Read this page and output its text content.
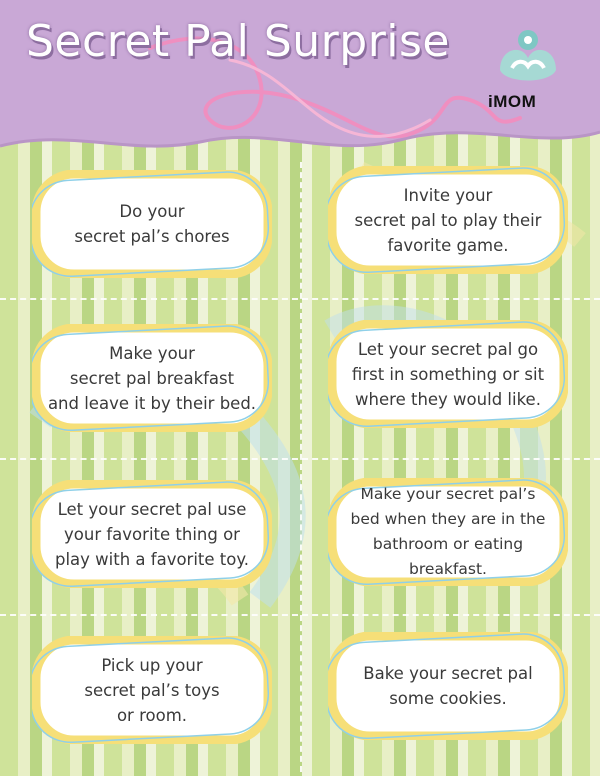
Secret Pal Surprise
iMOM
Do your
secret pal’s chores
Invite your
secret pal to play their
favorite game.
Make your
secret pal breakfast
and leave it by their bed.
Let your secret pal go
first in something or sit
where they would like.
Let your secret pal use
your favorite thing or
play with a favorite toy.
Make your secret pal’s
bed when they are in the
bathroom or eating breakfast.
Pick up your
secret pal’s toys
or room.
Bake your secret pal
some cookies.
